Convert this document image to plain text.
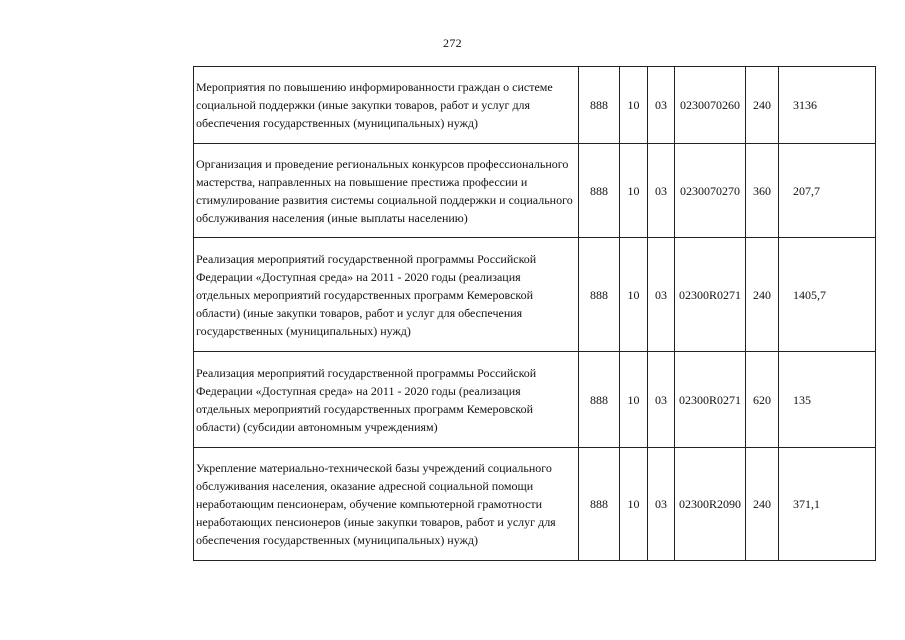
272
Мероприятия по повышению информированности граждан о системе социальной поддержки (иные закупки товаров, работ и услуг для обеспечения государственных (муниципальных) нужд)	888	10	03	0230070260	240	3136
Организация и проведение региональных конкурсов профессионального мастерства, направленных на повышение престижа профессии и стимулирование развития системы социальной поддержки и социального обслуживания населения (иные выплаты населению)	888	10	03	0230070270	360	207,7
Реализация мероприятий государственной программы Российской Федерации «Доступная среда» на 2011 - 2020 годы (реализация отдельных мероприятий государственных программ Кемеровской области) (иные закупки товаров, работ и услуг для обеспечения государственных (муниципальных) нужд)	888	10	03	02300R0271	240	1405,7
Реализация мероприятий государственной программы Российской Федерации «Доступная среда» на 2011 - 2020 годы (реализация отдельных мероприятий государственных программ Кемеровской области) (субсидии автономным учреждениям)	888	10	03	02300R0271	620	135
Укрепление материально-технической базы учреждений социального обслуживания населения, оказание адресной социальной помощи неработающим пенсионерам, обучение компьютерной грамотности неработающих пенсионеров (иные закупки товаров, работ и услуг для обеспечения государственных (муниципальных) нужд)	888	10	03	02300R2090	240	371,1
